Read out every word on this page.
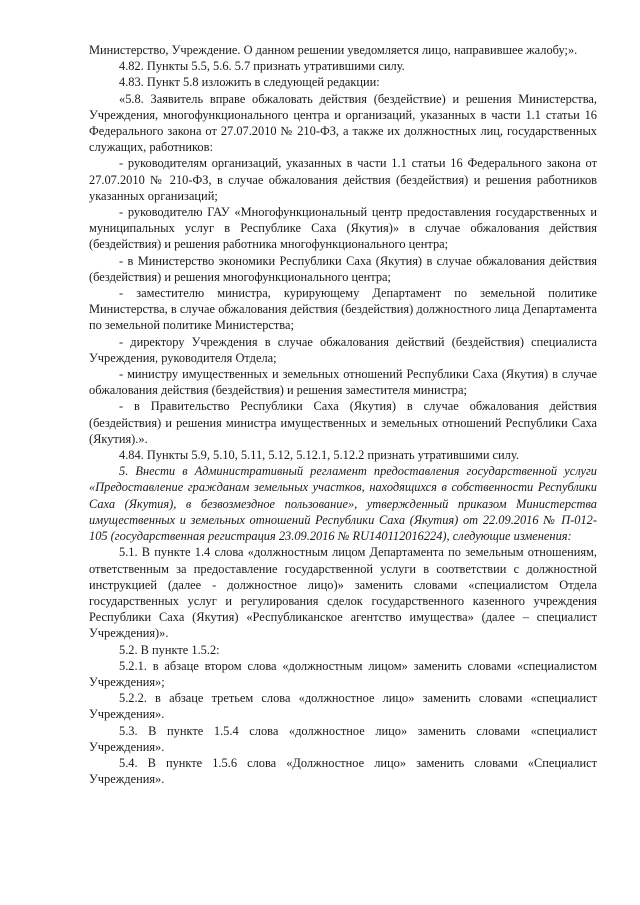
Министерство, Учреждение. О данном решении уведомляется лицо, направившее жалобу;».

4.82. Пункты 5.5, 5.6. 5.7 признать утратившими силу.

4.83. Пункт 5.8 изложить в следующей редакции:

«5.8. Заявитель вправе обжаловать действия (бездействие) и решения Министерства, Учреждения, многофункционального центра и организаций, указанных в части 1.1 статьи 16 Федерального закона от 27.07.2010 № 210-ФЗ, а также их должностных лиц, государственных служащих, работников:

- руководителям организаций, указанных в части 1.1 статьи 16 Федерального закона от 27.07.2010 № 210-ФЗ, в случае обжалования действия (бездействия) и решения работников указанных организаций;

- руководителю ГАУ «Многофункциональный центр предоставления государственных и муниципальных услуг в Республике Саха (Якутия)» в случае обжалования действия (бездействия) и решения работника многофункционального центра;

- в Министерство экономики Республики Саха (Якутия) в случае обжалования действия (бездействия) и решения многофункционального центра;

- заместителю министра, курирующему Департамент по земельной политике Министерства, в случае обжалования действия (бездействия) должностного лица Департамента по земельной политике Министерства;

- директору Учреждения в случае обжалования действий (бездействия) специалиста Учреждения, руководителя Отдела;

- министру имущественных и земельных отношений Республики Саха (Якутия) в случае обжалования действия (бездействия) и решения заместителя министра;

- в Правительство Республики Саха (Якутия) в случае обжалования действия (бездействия) и решения министра имущественных и земельных отношений Республики Саха (Якутия).».

4.84. Пункты 5.9, 5.10, 5.11, 5.12, 5.12.1, 5.12.2 признать утратившими силу.

5. Внести в Административный регламент предоставления государственной услуги «Предоставление гражданам земельных участков, находящихся в собственности Республики Саха (Якутия), в безвозмездное пользование», утвержденный приказом Министерства имущественных и земельных отношений Республики Саха (Якутия) от 22.09.2016 № П-012-105 (государственная регистрация 23.09.2016 № RU140112016224), следующие изменения:

5.1. В пункте 1.4 слова «должностным лицом Департамента по земельным отношениям, ответственным за предоставление государственной услуги в соответствии с должностной инструкцией (далее - должностное лицо)» заменить словами «специалистом Отдела государственных услуг и регулирования сделок государственного казенного учреждения Республики Саха (Якутия) «Республиканское агентство имущества» (далее – специалист Учреждения)».

5.2. В пункте 1.5.2:

5.2.1. в абзаце втором слова «должностным лицом» заменить словами «специалистом Учреждения»;

5.2.2. в абзаце третьем слова «должностное лицо» заменить словами «специалист Учреждения».

5.3. В пункте 1.5.4 слова «должностное лицо» заменить словами «специалист Учреждения».

5.4. В пункте 1.5.6 слова «Должностное лицо» заменить словами «Специалист Учреждения».
